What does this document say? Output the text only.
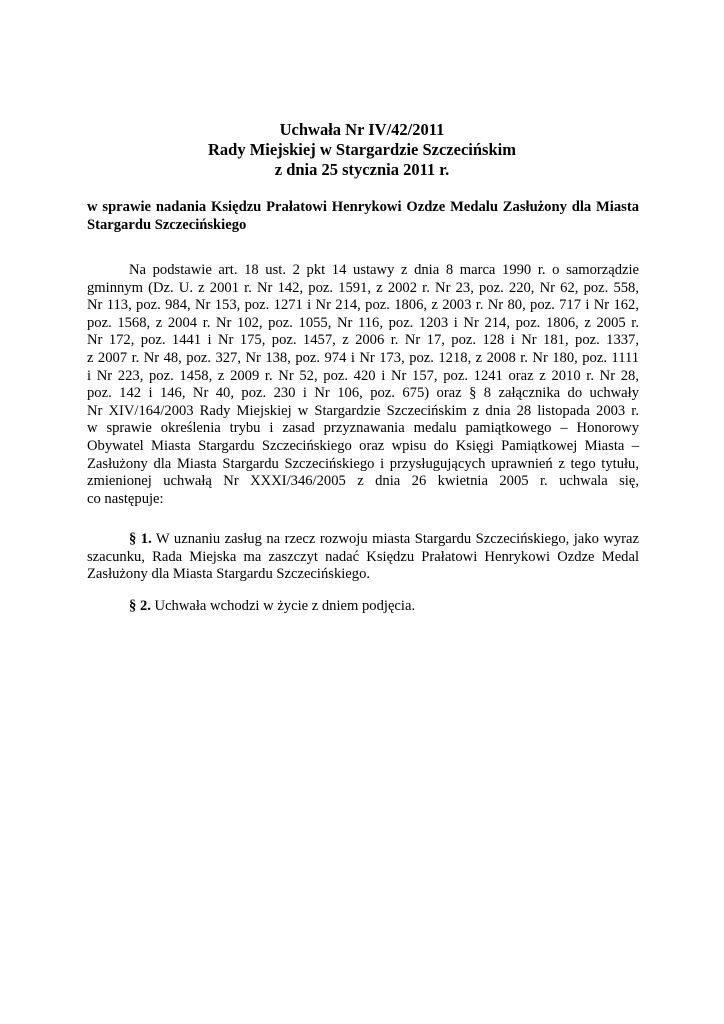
Uchwała Nr IV/42/2011
Rady Miejskiej w Stargardzie Szczecińskim
z dnia 25 stycznia 2011 r.
w sprawie nadania Księdzu Prałatowi Henrykowi Ozdze Medalu Zasłużony dla Miasta Stargardu Szczecińskiego
Na podstawie art. 18 ust. 2 pkt 14 ustawy z dnia 8 marca 1990 r. o samorządzie
gminnym (Dz. U. z 2001 r. Nr 142, poz. 1591, z 2002 r. Nr 23, poz. 220, Nr 62, poz. 558,
Nr 113, poz. 984, Nr 153, poz. 1271 i Nr 214, poz. 1806, z 2003 r. Nr 80, poz. 717 i Nr 162,
poz. 1568, z 2004 r. Nr 102, poz. 1055, Nr 116, poz. 1203 i Nr 214, poz. 1806, z 2005 r.
Nr 172, poz. 1441 i Nr 175, poz. 1457, z 2006 r. Nr 17, poz. 128 i Nr 181, poz. 1337,
z 2007 r. Nr 48, poz. 327, Nr 138, poz. 974 i Nr 173, poz. 1218, z 2008 r. Nr 180, poz. 1111
i Nr 223, poz. 1458, z 2009 r. Nr 52, poz. 420 i Nr 157, poz. 1241 oraz z 2010 r. Nr 28,
poz. 142 i 146, Nr 40, poz. 230 i Nr 106, poz. 675) oraz § 8 załącznika do uchwały
Nr XIV/164/2003 Rady Miejskiej w Stargardzie Szczecińskim z dnia 28 listopada 2003 r.
w sprawie określenia trybu i zasad przyznawania medalu pamiątkowego – Honorowy
Obywatel Miasta Stargardu Szczecińskiego oraz wpisu do Księgi Pamiątkowej Miasta –
Zasłużony dla Miasta Stargardu Szczecińskiego i przysługujących uprawnień z tego tytułu,
zmienionej uchwałą Nr XXXI/346/2005 z dnia 26 kwietnia 2005 r. uchwala się,
co następuje:
§ 1. W uznaniu zasług na rzecz rozwoju miasta Stargardu Szczecińskiego, jako wyraz
szacunku, Rada Miejska ma zaszczyt nadać Księdzu Prałatowi Henrykowi Ozdze Medal
Zasłużony dla Miasta Stargardu Szczecińskiego.
§ 2. Uchwała wchodzi w życie z dniem podjęcia.
